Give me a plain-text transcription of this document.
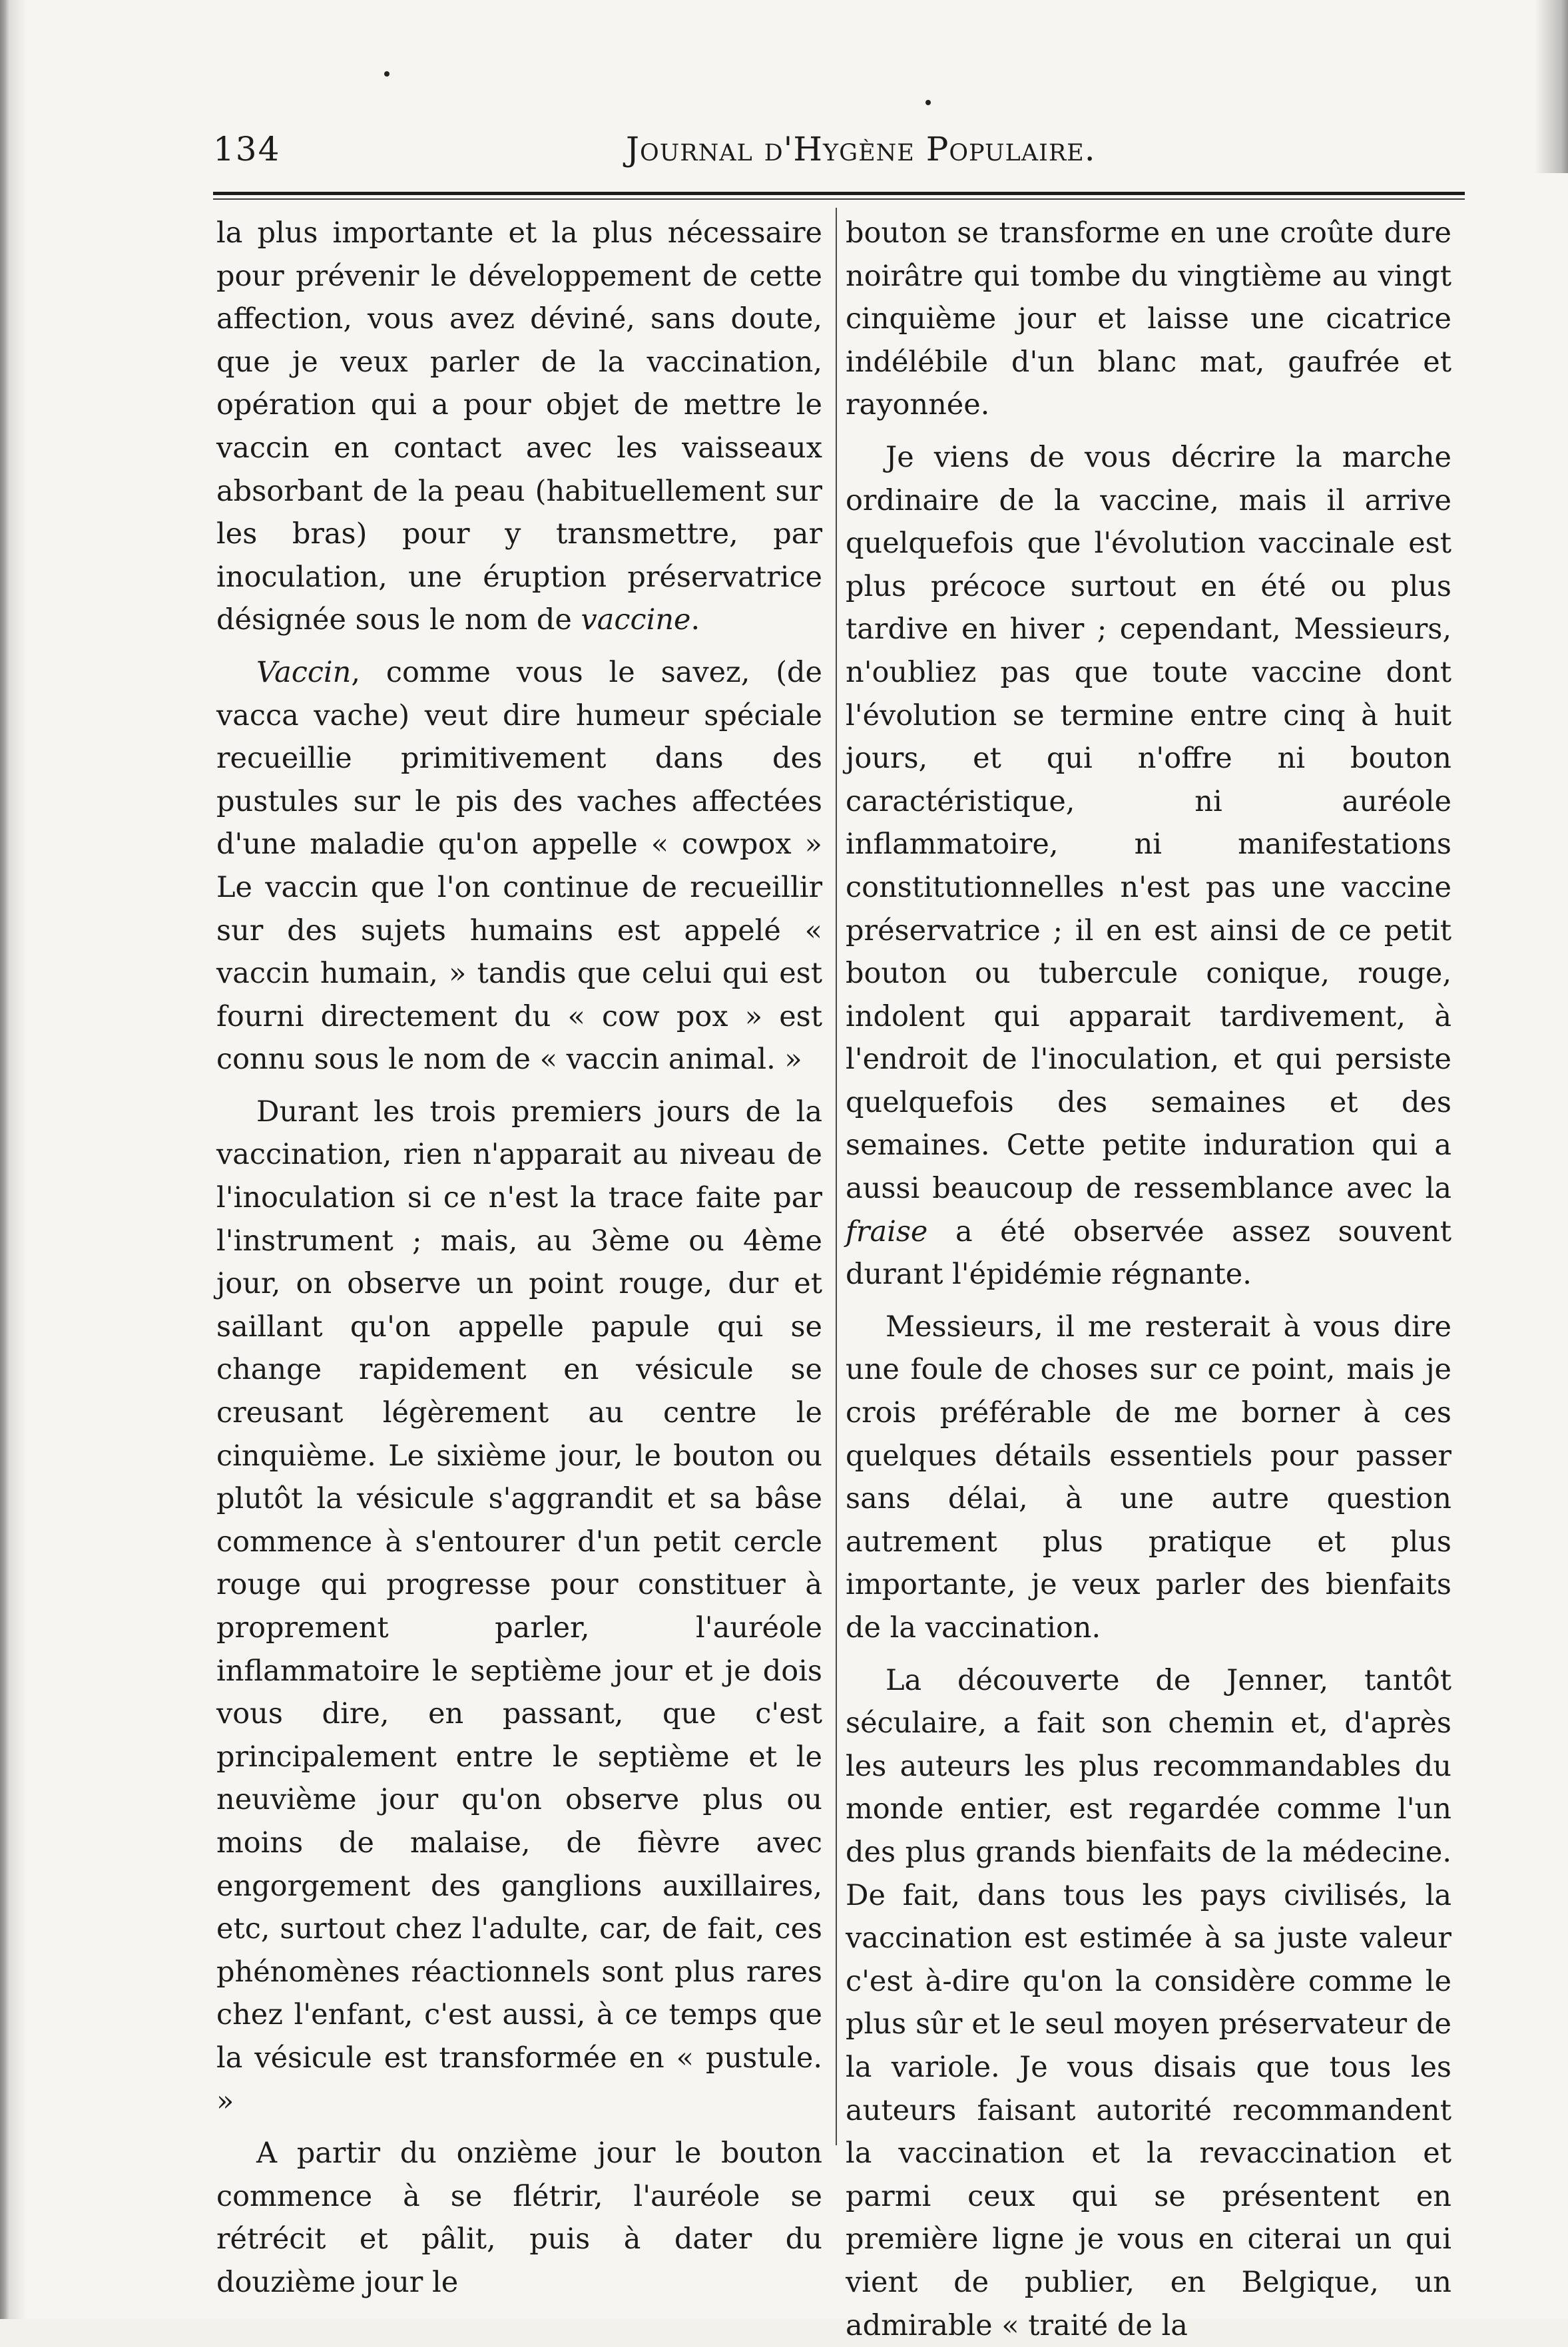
134	Journal d'Hygène Populaire.

la plus importante et la plus nécessaire pour prévenir le développement de cette affection, vous avez déviné, sans doute, que je veux parler de la vaccination, opération qui a pour objet de mettre le vaccin en contact avec les vaisseaux absorbant de la peau (habituellement sur les bras) pour y transmettre, par inoculation, une éruption préservatrice désignée sous le nom de vaccine.

Vaccin, comme vous le savez, (de vacca vache) veut dire humeur spéciale recueillie primitivement dans des pustules sur le pis des vaches affectées d'une maladie qu'on appelle « cowpox » Le vaccin que l'on continue de recueillir sur des sujets humains est appelé « vaccin humain, » tandis que celui qui est fourni directement du « cow pox » est connu sous le nom de « vaccin animal. »

Durant les trois premiers jours de la vaccination, rien n'apparait au niveau de l'inoculation si ce n'est la trace faite par l'instrument ; mais, au 3ème ou 4ème jour, on observe un point rouge, dur et saillant qu'on appelle papule qui se change rapidement en vésicule se creusant légèrement au centre le cinquième. Le sixième jour, le bouton ou plutôt la vésicule s'aggrandit et sa bâse commence à s'entourer d'un petit cercle rouge qui progresse pour constituer à proprement parler, l'auréole inflammatoire le septième jour et je dois vous dire, en passant, que c'est principalement entre le septième et le neuvième jour qu'on observe plus ou moins de malaise, de fièvre avec engorgement des ganglions auxillaires, etc, surtout chez l'adulte, car, de fait, ces phénomènes réactionnels sont plus rares chez l'enfant, c'est aussi, à ce temps que la vésicule est transformée en « pustule. »

A partir du onzième jour le bouton commence à se flétrir, l'auréole se rétrécit et pâlit, puis à dater du douzième jour le

bouton se transforme en une croûte dure noirâtre qui tombe du vingtième au vingt cinquième jour et laisse une cicatrice indélébile d'un blanc mat, gaufrée et rayonnée.

Je viens de vous décrire la marche ordinaire de la vaccine, mais il arrive quelquefois que l'évolution vaccinale est plus précoce surtout en été ou plus tardive en hiver ; cependant, Messieurs, n'oubliez pas que toute vaccine dont l'évolution se termine entre cinq à huit jours, et qui n'offre ni bouton caractéristique, ni auréole inflammatoire, ni manifestations constitutionnelles n'est pas une vaccine préservatrice ; il en est ainsi de ce petit bouton ou tubercule conique, rouge, indolent qui apparait tardivement, à l'endroit de l'inoculation, et qui persiste quelquefois des semaines et des semaines. Cette petite induration qui a aussi beaucoup de ressemblance avec la fraise a été observée assez souvent durant l'épidémie régnante.

Messieurs, il me resterait à vous dire une foule de choses sur ce point, mais je crois préférable de me borner à ces quelques détails essentiels pour passer sans délai, à une autre question autrement plus pratique et plus importante, je veux parler des bienfaits de la vaccination.

La découverte de Jenner, tantôt séculaire, a fait son chemin et, d'après les auteurs les plus recommandables du monde entier, est regardée comme l'un des plus grands bienfaits de la médecine. De fait, dans tous les pays civilisés, la vaccination est estimée à sa juste valeur c'est à-dire qu'on la considère comme le plus sûr et le seul moyen préservateur de la variole. Je vous disais que tous les auteurs faisant autorité recommandent la vaccination et la revaccination et parmi ceux qui se présentent en première ligne je vous en citerai un qui vient de publier, en Belgique, un admirable « traité de la
